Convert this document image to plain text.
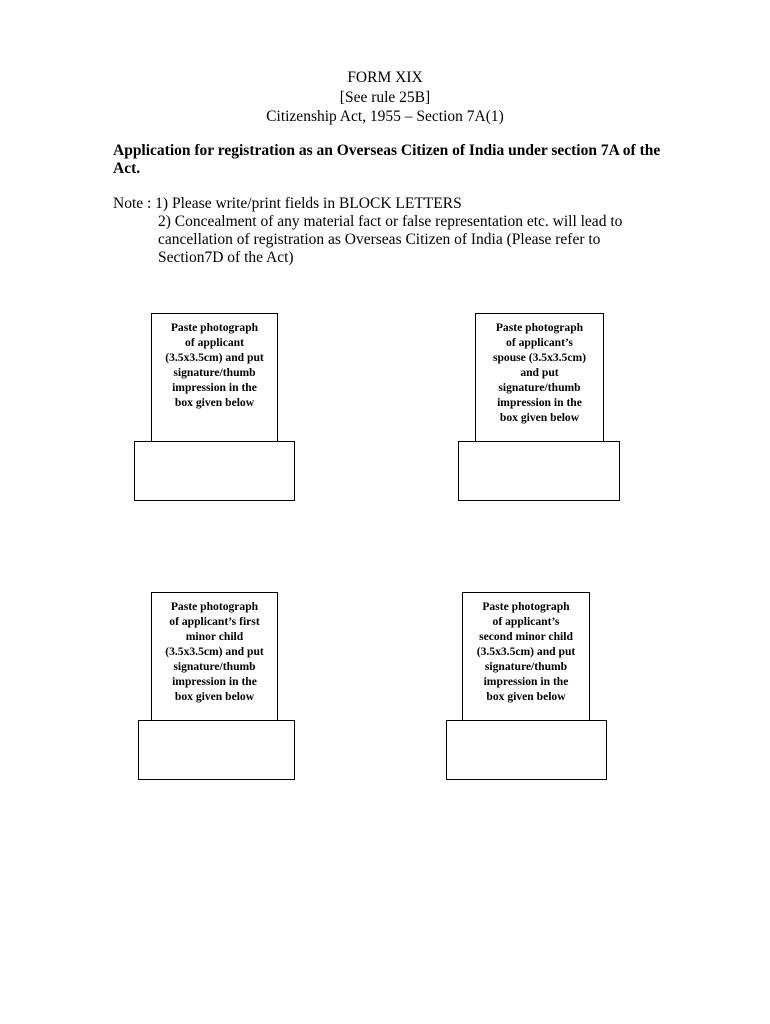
FORM XIX
[See rule 25B]
Citizenship Act, 1955 – Section 7A(1)
Application for registration as an Overseas Citizen of India under section 7A of the Act.
Note : 1) Please write/print fields in BLOCK LETTERS
2) Concealment of any material fact or false representation etc. will lead to cancellation of registration as Overseas Citizen of India (Please refer to Section7D of the Act)
Paste photograph
of applicant
(3.5x3.5cm) and put
signature/thumb
impression in the
box given below
Paste photograph
of applicant’s
spouse (3.5x3.5cm)
and put
signature/thumb
impression in the
box given below
Paste photograph
of applicant’s first
minor child
(3.5x3.5cm) and put
signature/thumb
impression in the
box given below
Paste photograph
of applicant’s
second minor child
(3.5x3.5cm) and put
signature/thumb
impression in the
box given below
